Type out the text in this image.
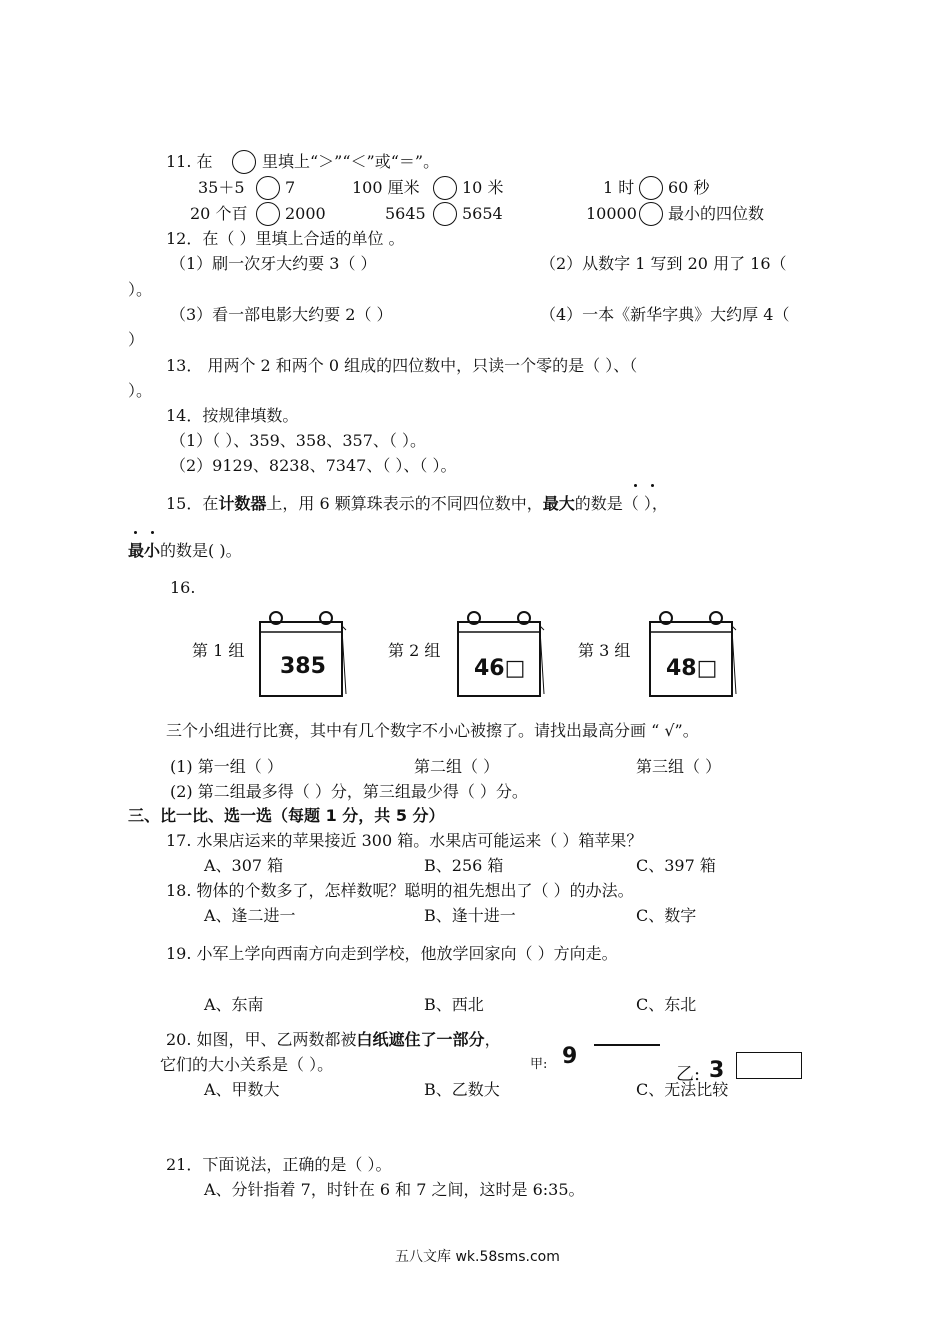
11. 在	里填上“＞”“＜”或“＝”。
35＋5	7	100 厘米	10 米	1 时 60 秒
20 个百 2000	5645 5654	10000 最小的四位数
12．在（ ）里填上合适的单位 。
（1）刷一次牙大约要 3（ ）	（2）从数字 1 写到 20 用了 16（
）。
（3）看一部电影大约要 2（ ）	（4）一本《新华字典》大约厚 4（
）
13． 用两个 2 和两个 0 组成的四位数中，只读一个零的是（ ）、（
）。
14．按规律填数。
（1）（ ）、359、358、357、（ ）。
（2）9129、8238、7347、（ ）、（ ）。
15．在计数器上，用 6 颗算珠表示的不同四位数中，最大的数是（ ），
最小的数是( )。
16.
第 1 组
385
第 2 组
46□
第 3 组
48□
三个小组进行比赛，其中有几个数字不小心被擦了。请找出最高分画 “ √”。
(1) 第一组（ ）	第二组（ ）	第三组（ ）
(2) 第二组最多得（ ）分，第三组最少得（ ）分。
三、比一比、选一选（每题 1 分，共 5 分）
17. 水果店运来的苹果接近 300 箱。水果店可能运来（ ）箱苹果？
A、307 箱	B、256 箱	C、397 箱
18. 物体的个数多了，怎样数呢？聪明的祖先想出了（ ）的办法。
A、逢二进一	B、逢十进一	C、数字
19. 小军上学向西南方向走到学校，他放学回家向（ ）方向走。
A、东南	B、西北	C、东北
20. 如图，甲、乙两数都被白纸遮住了一部分，
它们的大小关系是（ ）。	甲: 9
乙: 3
A、甲数大	B、乙数大	C、无法比较
21．下面说法，正确的是（ ）。
A、分针指着 7，时针在 6 和 7 之间，这时是 6:35。
五八文库 wk.58sms.com
